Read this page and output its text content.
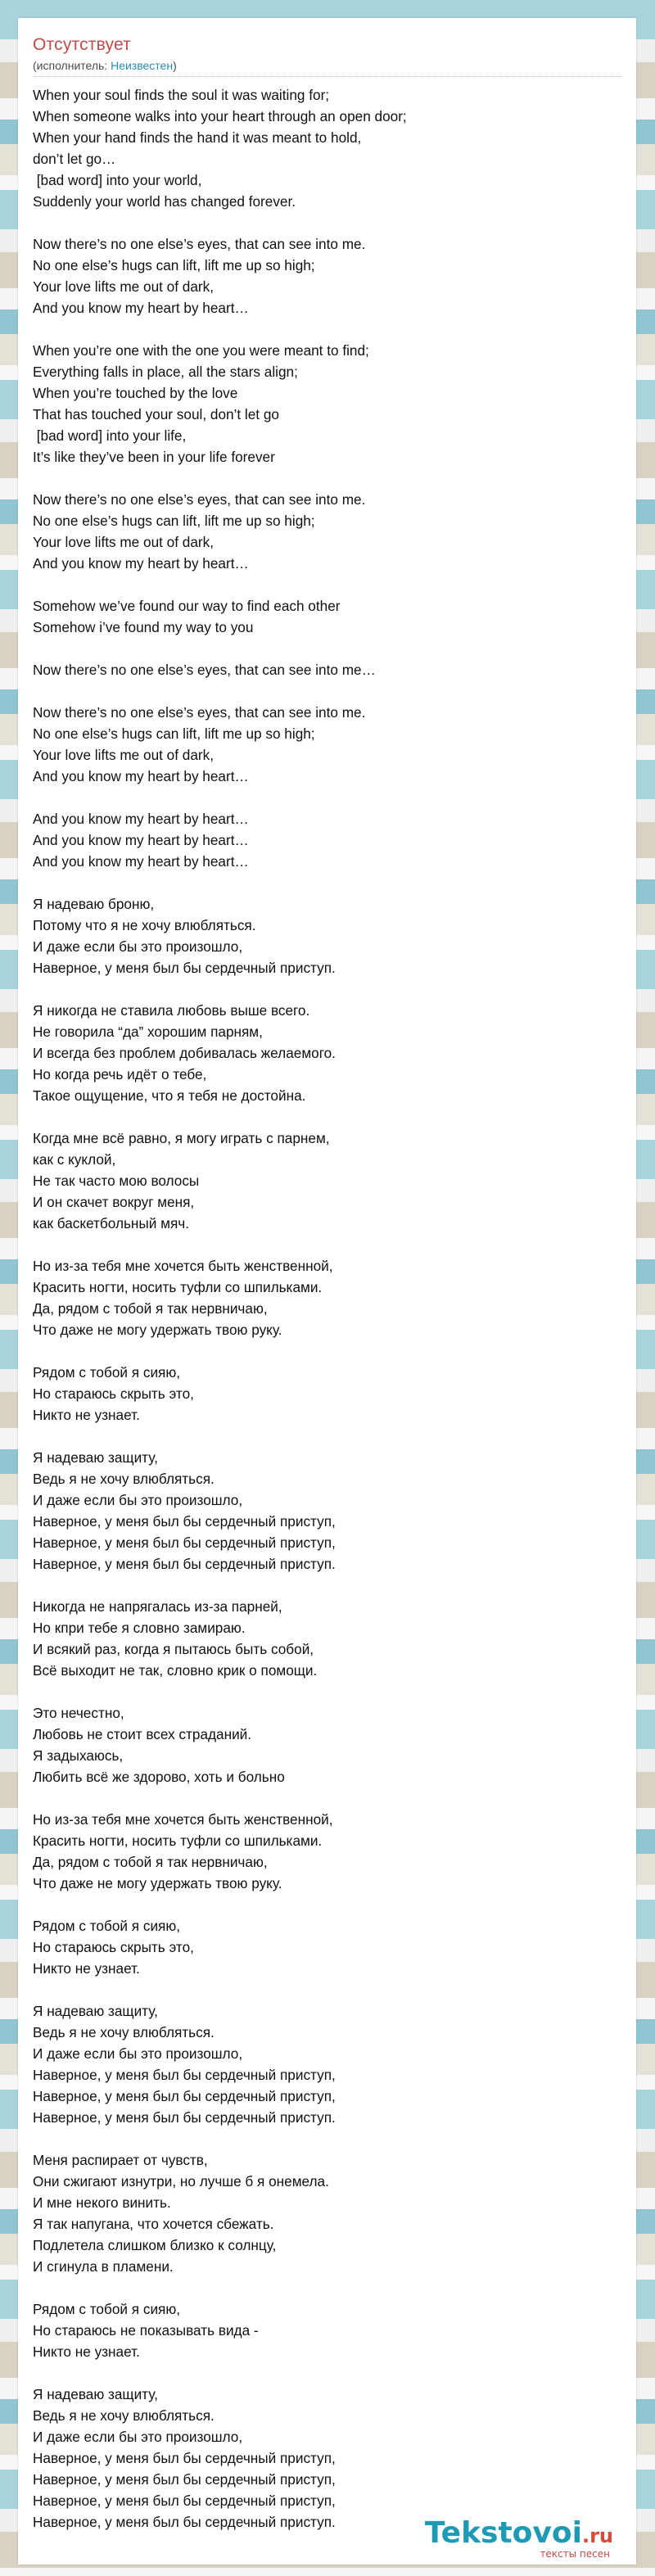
Отсутствует
(исполнитель: Неизвестен)
When your soul finds the soul it was waiting for;
When someone walks into your heart through an open door;
When your hand finds the hand it was meant to hold,
don’t let go…
[bad word] into your world,
Suddenly your world has changed forever.
Now there’s no one else’s eyes, that can see into me.
No one else’s hugs can lift, lift me up so high;
Your love lifts me out of dark,
And you know my heart by heart…
When you’re one with the one you were meant to find;
Everything falls in place, all the stars align;
When you’re touched by the love
That has touched your soul, don’t let go
[bad word] into your life,
It’s like they’ve been in your life forever
Now there’s no one else’s eyes, that can see into me.
No one else’s hugs can lift, lift me up so high;
Your love lifts me out of dark,
And you know my heart by heart…
Somehow we’ve found our way to find each other
Somehow i’ve found my way to you
Now there’s no one else’s eyes, that can see into me…
Now there’s no one else’s eyes, that can see into me.
No one else’s hugs can lift, lift me up so high;
Your love lifts me out of dark,
And you know my heart by heart…
And you know my heart by heart…
And you know my heart by heart…
And you know my heart by heart…
Я надеваю броню,
Потому что я не хочу влюбляться.
И даже если бы это произошло,
Наверное, у меня был бы сердечный приступ.
Я никогда не ставила любовь выше всего.
Не говорила “да” хорошим парням,
И всегда без проблем добивалась желаемого.
Но когда речь идёт о тебе,
Такое ощущение, что я тебя не достойна.
Когда мне всё равно, я могу играть с парнем,
как с куклой,
Не так часто мою волосы
И он скачет вокруг меня,
как баскетбольный мяч.
Но из-за тебя мне хочется быть женственной,
Красить ногти, носить туфли со шпильками.
Да, рядом с тобой я так нервничаю,
Что даже не могу удержать твою руку.
Рядом с тобой я сияю,
Но стараюсь скрыть это,
Никто не узнает.
Я надеваю защиту,
Ведь я не хочу влюбляться.
И даже если бы это произошло,
Наверное, у меня был бы сердечный приступ,
Наверное, у меня был бы сердечный приступ,
Наверное, у меня был бы сердечный приступ.
Никогда не напрягалась из-за парней,
Но кпри тебе я словно замираю.
И всякий раз, когда я пытаюсь быть собой,
Всё выходит не так, словно крик о помощи.
Это нечестно,
Любовь не стоит всех страданий.
Я задыхаюсь,
Любить всё же здорово, хоть и больно
Но из-за тебя мне хочется быть женственной,
Красить ногти, носить туфли со шпильками.
Да, рядом с тобой я так нервничаю,
Что даже не могу удержать твою руку.
Рядом с тобой я сияю,
Но стараюсь скрыть это,
Никто не узнает.
Я надеваю защиту,
Ведь я не хочу влюбляться.
И даже если бы это произошло,
Наверное, у меня был бы сердечный приступ,
Наверное, у меня был бы сердечный приступ,
Наверное, у меня был бы сердечный приступ.
Меня распирает от чувств,
Они сжигают изнутри, но лучше б я онемела.
И мне некого винить.
Я так напугана, что хочется сбежать.
Подлетела слишком близко к солнцу,
И сгинула в пламени.
Рядом с тобой я сияю,
Но стараюсь не показывать вида -
Никто не узнает.
Я надеваю защиту,
Ведь я не хочу влюбляться.
И даже если бы это произошло,
Наверное, у меня был бы сердечный приступ,
Наверное, у меня был бы сердечный приступ,
Наверное, у меня был бы сердечный приступ,
Наверное, у меня был бы сердечный приступ.	Tekstovoi.ru
тексты песен
